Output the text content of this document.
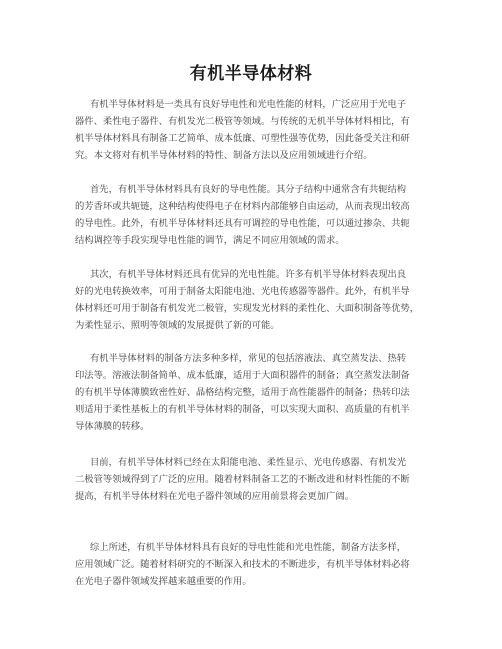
有机半导体材料
有机半导体材料是一类具有良好导电性和光电性能的材料，广泛应用于光电子
器件、柔性电子器件、有机发光二极管等领域。与传统的无机半导体材料相比，有
机半导体材料具有制备工艺简单、成本低廉、可塑性强等优势，因此备受关注和研
究。本文将对有机半导体材料的特性、制备方法以及应用领域进行介绍。
首先，有机半导体材料具有良好的导电性能。其分子结构中通常含有共轭结构
的芳香环或共轭链，这种结构使得电子在材料内部能够自由运动，从而表现出较高
的导电性。此外，有机半导体材料还具有可调控的导电性能，可以通过掺杂、共轭
结构调控等手段实现导电性能的调节，满足不同应用领域的需求。
其次，有机半导体材料还具有优异的光电性能。许多有机半导体材料表现出良
好的光电转换效率，可用于制备太阳能电池、光电传感器等器件。此外，有机半导
体材料还可用于制备有机发光二极管，实现发光材料的柔性化、大面积制备等优势，
为柔性显示、照明等领域的发展提供了新的可能。
有机半导体材料的制备方法多种多样，常见的包括溶液法、真空蒸发法、热转
印法等。溶液法制备简单、成本低廉，适用于大面积器件的制备；真空蒸发法制备
的有机半导体薄膜致密性好、晶格结构完整，适用于高性能器件的制备；热转印法
则适用于柔性基板上的有机半导体材料的制备，可以实现大面积、高质量的有机半
导体薄膜的转移。
目前，有机半导体材料已经在太阳能电池、柔性显示、光电传感器、有机发光
二极管等领域得到了广泛的应用。随着材料制备工艺的不断改进和材料性能的不断
提高，有机半导体材料在光电子器件领域的应用前景将会更加广阔。
综上所述，有机半导体材料具有良好的导电性能和光电性能，制备方法多样，
应用领域广泛。随着材料研究的不断深入和技术的不断进步，有机半导体材料必将
在光电子器件领域发挥越来越重要的作用。
